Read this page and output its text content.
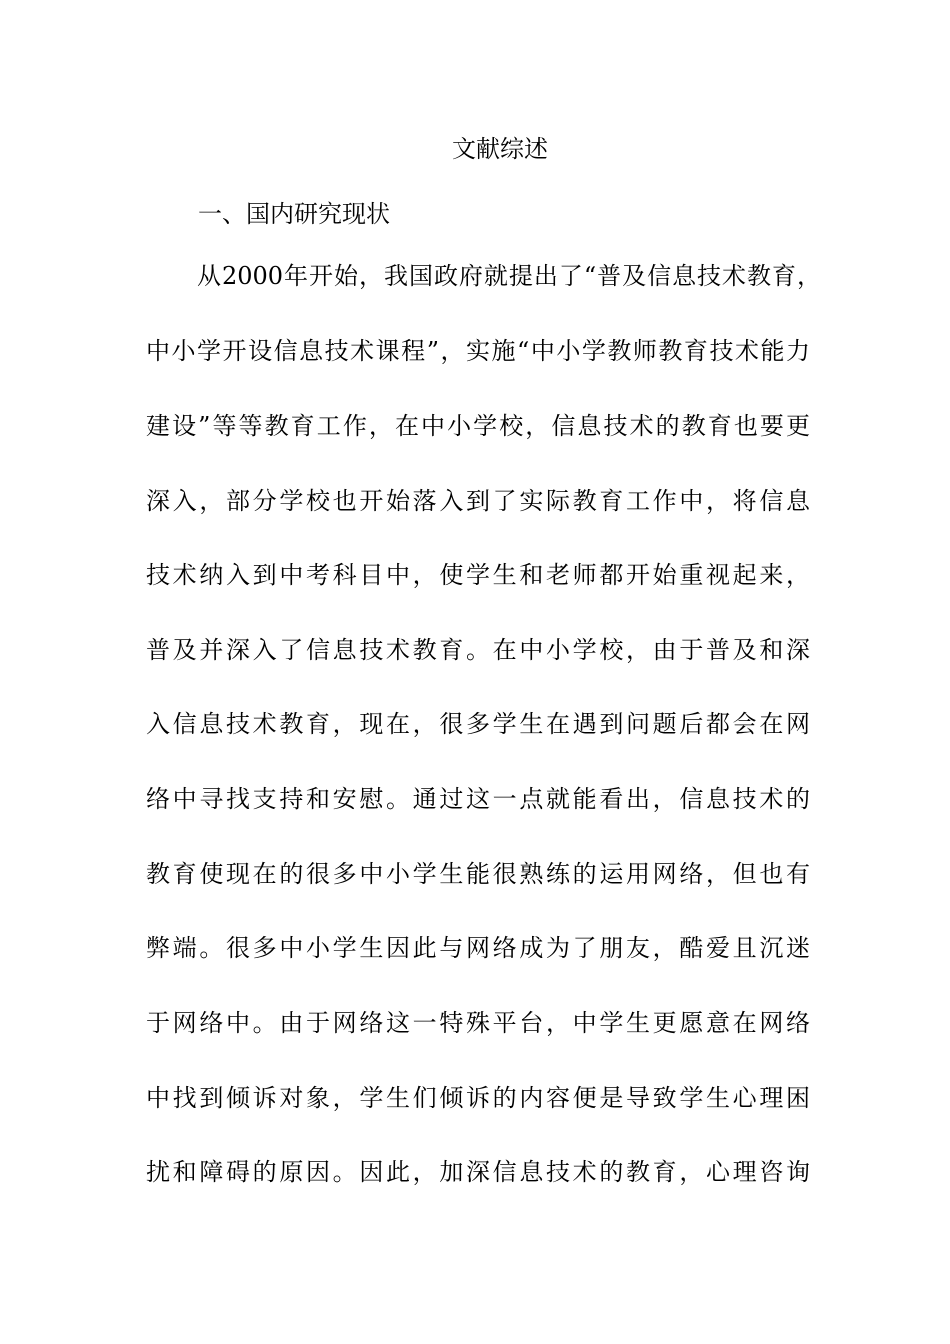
文献综述
一、国内研究现状
从2000年开始，我国政府就提出了“普及信息技术教育，
中小学开设信息技术课程”，实施“中小学教师教育技术能力
建设”等等教育工作，在中小学校，信息技术的教育也要更
深入，部分学校也开始落入到了实际教育工作中，将信息
技术纳入到中考科目中，使学生和老师都开始重视起来，
普及并深入了信息技术教育。在中小学校，由于普及和深
入信息技术教育，现在，很多学生在遇到问题后都会在网
络中寻找支持和安慰。通过这一点就能看出，信息技术的
教育使现在的很多中小学生能很熟练的运用网络，但也有
弊端。很多中小学生因此与网络成为了朋友，酷爱且沉迷
于网络中。由于网络这一特殊平台，中学生更愿意在网络
中找到倾诉对象，学生们倾诉的内容便是导致学生心理困
扰和障碍的原因。因此，加深信息技术的教育，心理咨询
